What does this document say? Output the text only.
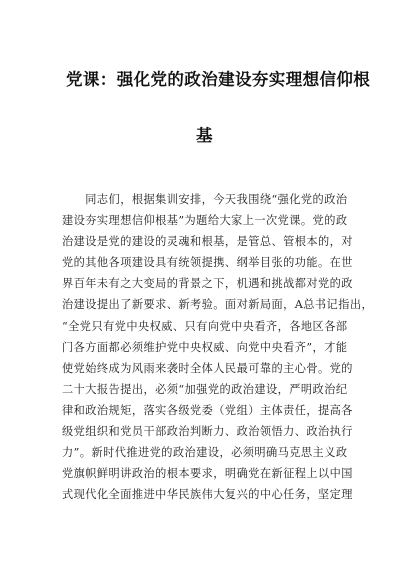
党课：强化党的政治建设夯实理想信仰根
基
　　同志们，根据集训安排，今天我围绕“强化党的政治
建设夯实理想信仰根基”为题给大家上一次党课。党的政
治建设是党的建设的灵魂和根基，是管总、管根本的，对
党的其他各项建设具有统领提携、纲举目张的功能。在世
界百年未有之大变局的背景之下，机遇和挑战都对党的政
治建设提出了新要求、新考验。面对新局面，A总书记指出，
“全党只有党中央权威、只有向党中央看齐，各地区各部
门各方面都必须维护党中央权威、向党中央看齐”，才能
使党始终成为风雨来袭时全体人民最可靠的主心骨。党的
二十大报告提出，必须“加强党的政治建设，严明政治纪
律和政治规矩，落实各级党委（党组）主体责任，提高各
级党组织和党员干部政治判断力、政治领悟力、政治执行
力”。新时代推进党的政治建设，必须明确马克思主义政
党旗帜鲜明讲政治的根本要求，明确党在新征程上以中国
式现代化全面推进中华民族伟大复兴的中心任务，坚定理
